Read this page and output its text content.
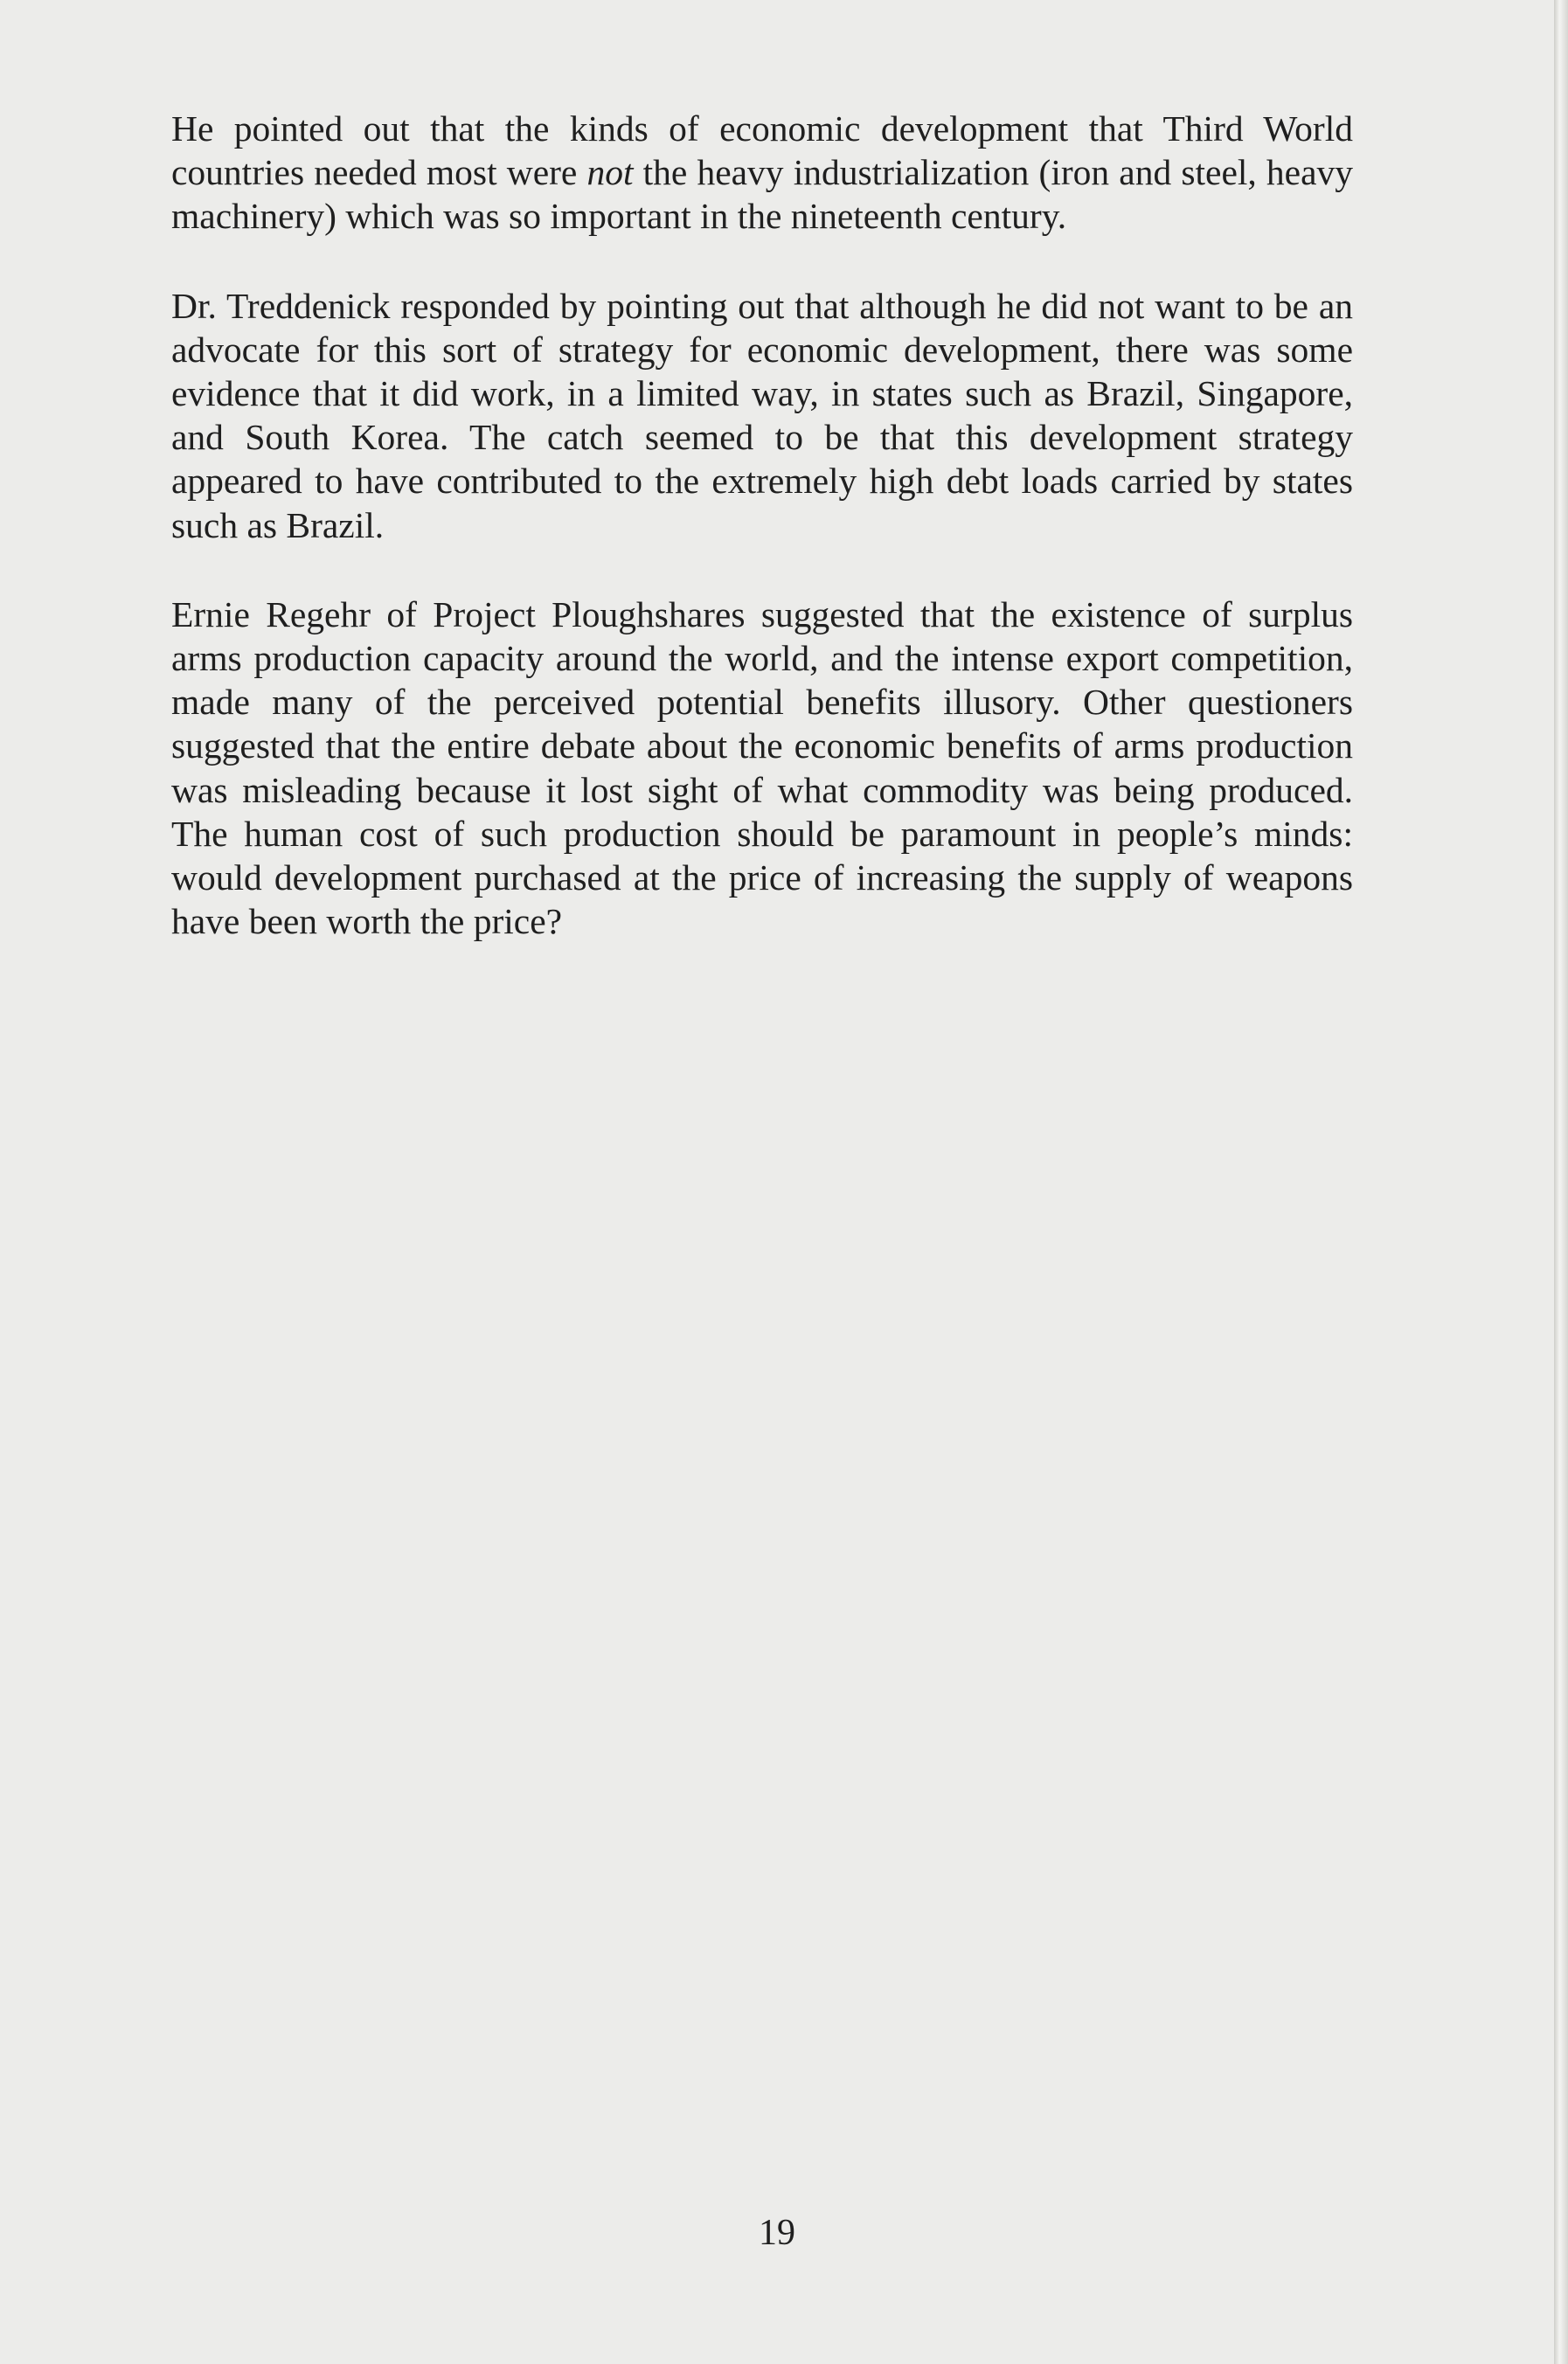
He pointed out that the kinds of economic development that Third World countries needed most were not the heavy industrialization (iron and steel, heavy machinery) which was so important in the nineteenth century.

Dr. Treddenick responded by pointing out that although he did not want to be an advocate for this sort of strategy for economic development, there was some evidence that it did work, in a limited way, in states such as Brazil, Singapore, and South Korea. The catch seemed to be that this development strategy appeared to have contributed to the extremely high debt loads carried by states such as Brazil.

Ernie Regehr of Project Ploughshares suggested that the existence of surplus arms production capacity around the world, and the intense export competition, made many of the perceived potential benefits illusory. Other questioners suggested that the entire debate about the economic benefits of arms production was misleading because it lost sight of what commodity was being produced. The human cost of such production should be paramount in people’s minds: would development purchased at the price of increasing the supply of weapons have been worth the price?

19
